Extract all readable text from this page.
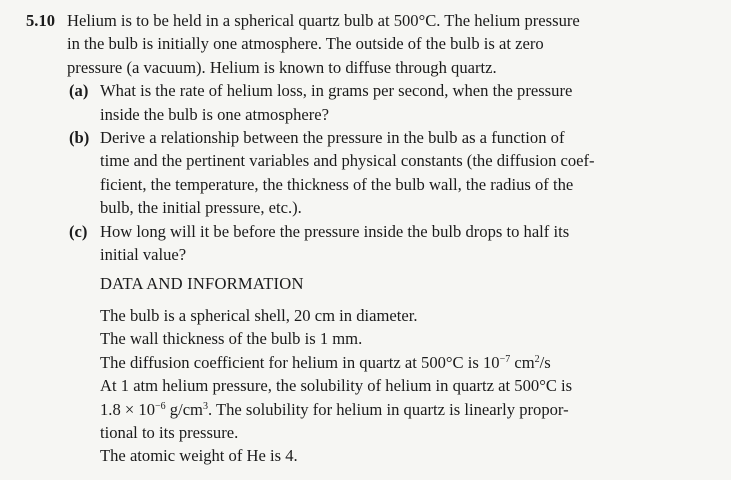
5.10 Helium is to be held in a spherical quartz bulb at 500°C. The helium pressure
in the bulb is initially one atmosphere. The outside of the bulb is at zero
pressure (a vacuum). Helium is known to diffuse through quartz.
(a) What is the rate of helium loss, in grams per second, when the pressure
inside the bulb is one atmosphere?
(b) Derive a relationship between the pressure in the bulb as a function of
time and the pertinent variables and physical constants (the diffusion coef-
ficient, the temperature, the thickness of the bulb wall, the radius of the
bulb, the initial pressure, etc.).
(c) How long will it be before the pressure inside the bulb drops to half its
initial value?
DATA AND INFORMATION
The bulb is a spherical shell, 20 cm in diameter.
The wall thickness of the bulb is 1 mm.
The diffusion coefficient for helium in quartz at 500°C is $10^{-7}$ $cm^2/s$
At 1 atm helium pressure, the solubility of helium in quartz at 500°C is
$1.8 \times 10^{-6}$ $g/cm^3$. The solubility for helium in quartz is linearly propor-
tional to its pressure.
The atomic weight of He is 4.
